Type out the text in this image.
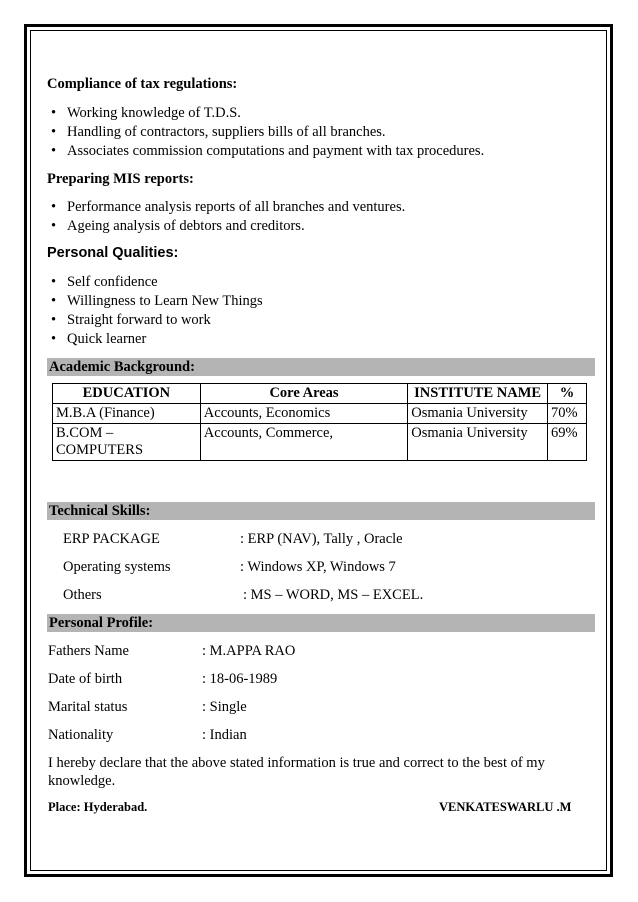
Compliance of tax regulations:
• Working knowledge of T.D.S.
• Handling of contractors, suppliers bills of all branches.
• Associates commission computations and payment with tax procedures.
Preparing MIS reports:
• Performance analysis reports of all branches and ventures.
• Ageing analysis of debtors and creditors.
Personal Qualities:
• Self confidence
• Willingness to Learn New Things
• Straight forward to work
• Quick learner
Academic Background:
EDUCATION	Core Areas	INSTITUTE NAME	%
M.B.A (Finance)	Accounts, Economics	Osmania University	70%
B.COM – COMPUTERS	Accounts, Commerce,	Osmania University	69%
Technical Skills:
ERP PACKAGE	: ERP (NAV), Tally , Oracle
Operating systems	: Windows XP, Windows 7
Others	: MS – WORD, MS – EXCEL.
Personal Profile:
Fathers Name	: M.APPA RAO
Date of birth	: 18-06-1989
Marital status	: Single
Nationality	: Indian
I hereby declare that the above stated information is true and correct to the best of my knowledge.
Place: Hyderabad.	VENKATESWARLU .M
